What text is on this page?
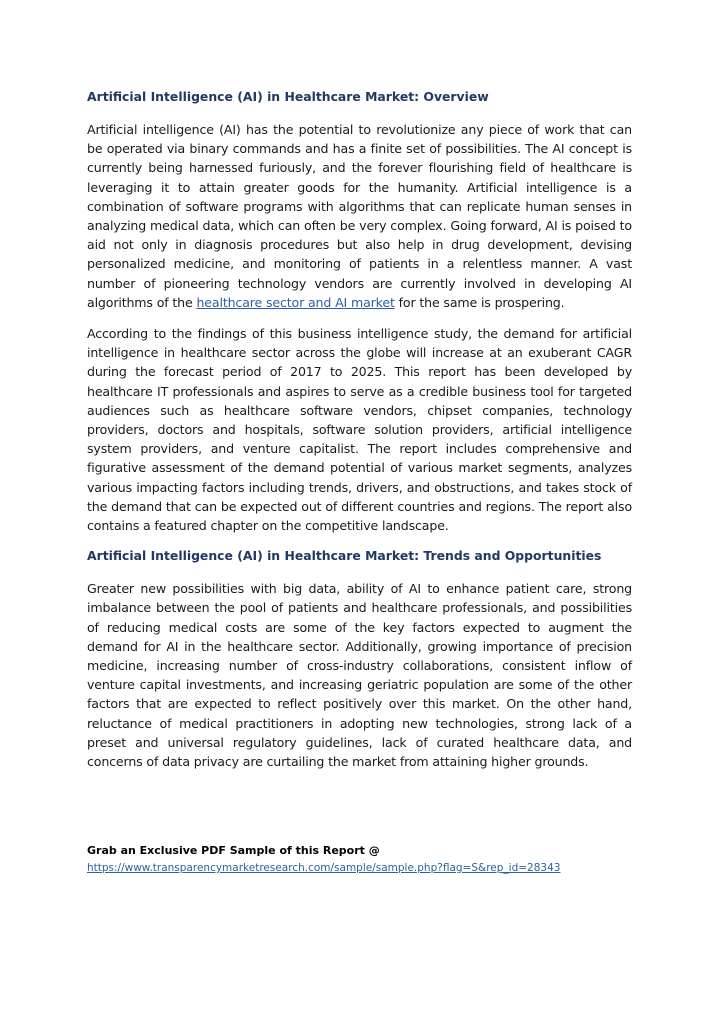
Artificial Intelligence (AI) in Healthcare Market: Overview

Artificial intelligence (AI) has the potential to revolutionize any piece of work that can be operated via binary commands and has a finite set of possibilities. The AI concept is currently being harnessed furiously, and the forever flourishing field of healthcare is leveraging it to attain greater goods for the humanity. Artificial intelligence is a combination of software programs with algorithms that can replicate human senses in analyzing medical data, which can often be very complex. Going forward, AI is poised to aid not only in diagnosis procedures but also help in drug development, devising personalized medicine, and monitoring of patients in a relentless manner. A vast number of pioneering technology vendors are currently involved in developing AI algorithms of the healthcare sector and AI market for the same is prospering.

According to the findings of this business intelligence study, the demand for artificial intelligence in healthcare sector across the globe will increase at an exuberant CAGR during the forecast period of 2017 to 2025. This report has been developed by healthcare IT professionals and aspires to serve as a credible business tool for targeted audiences such as healthcare software vendors, chipset companies, technology providers, doctors and hospitals, software solution providers, artificial intelligence system providers, and venture capitalist. The report includes comprehensive and figurative assessment of the demand potential of various market segments, analyzes various impacting factors including trends, drivers, and obstructions, and takes stock of the demand that can be expected out of different countries and regions. The report also contains a featured chapter on the competitive landscape.

Artificial Intelligence (AI) in Healthcare Market: Trends and Opportunities

Greater new possibilities with big data, ability of AI to enhance patient care, strong imbalance between the pool of patients and healthcare professionals, and possibilities of reducing medical costs are some of the key factors expected to augment the demand for AI in the healthcare sector. Additionally, growing importance of precision medicine, increasing number of cross-industry collaborations, consistent inflow of venture capital investments, and increasing geriatric population are some of the other factors that are expected to reflect positively over this market. On the other hand, reluctance of medical practitioners in adopting new technologies, strong lack of a preset and universal regulatory guidelines, lack of curated healthcare data, and concerns of data privacy are curtailing the market from attaining higher grounds.

Grab an Exclusive PDF Sample of this Report @
https://www.transparencymarketresearch.com/sample/sample.php?flag=S&rep_id=28343
